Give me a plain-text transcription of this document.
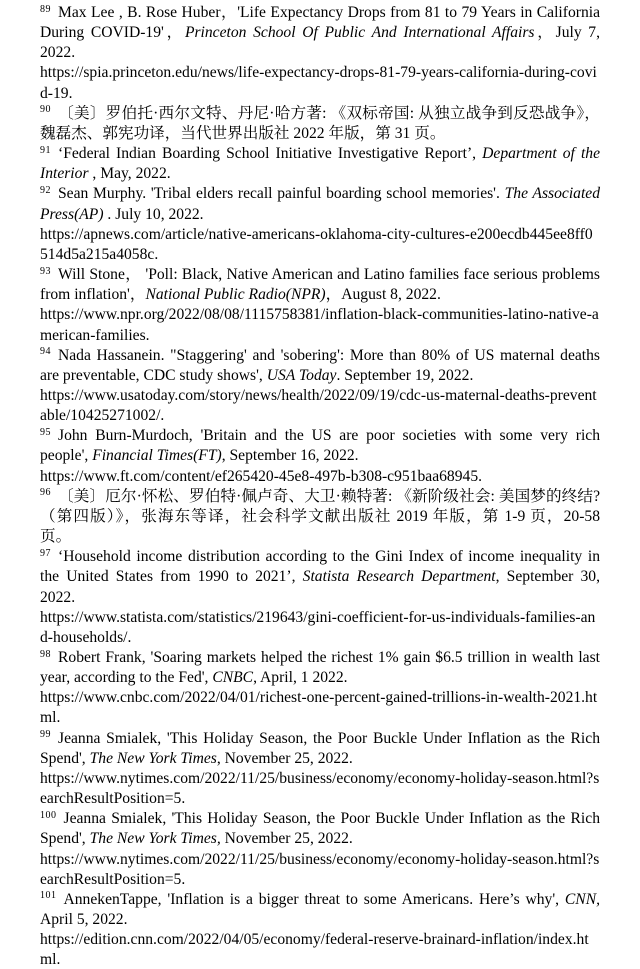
$^{89}$ Max Lee , B. Rose Huber，'Life Expectancy Drops from 81 to 79 Years in California During COVID-19'，Princeton School Of Public And International Affairs，July 7, 2022.
https://spia.princeton.edu/news/life-expectancy-drops-81-79-years-california-during-covid-19.
$^{90}$ 〔美〕罗伯托·西尔文特、丹尼·哈方著: 《双标帝国: 从独立战争到反恐战争》，魏磊杰、郭宪功译，当代世界出版社 2022 年版，第 31 页。
$^{91}$ ‘Federal Indian Boarding School Initiative Investigative Report’, Department of the Interior , May, 2022.
$^{92}$ Sean Murphy. 'Tribal elders recall painful boarding school memories'. The Associated Press(AP) . July 10, 2022.
https://apnews.com/article/native-americans-oklahoma-city-cultures-e200ecdb445ee8ff0514d5a215a4058c.
$^{93}$ Will Stone， 'Poll: Black, Native American and Latino families face serious problems from inflation'，National Public Radio(NPR)，August 8, 2022.
https://www.npr.org/2022/08/08/1115758381/inflation-black-communities-latino-native-american-families.
$^{94}$ Nada Hassanein. "Staggering' and 'sobering': More than 80% of US maternal deaths are preventable, CDC study shows', USA Today. September 19, 2022.
https://www.usatoday.com/story/news/health/2022/09/19/cdc-us-maternal-deaths-preventable/10425271002/.
$^{95}$ John Burn-Murdoch, 'Britain and the US are poor societies with some very rich people', Financial Times(FT), September 16, 2022.
https://www.ft.com/content/ef265420-45e8-497b-b308-c951baa68945.
$^{96}$ 〔美〕厄尔·怀松、罗伯特·佩卢奇、大卫·赖特著: 《新阶级社会: 美国梦的终结?（第四版）》，张海东等译，社会科学文献出版社 2019 年版，第 1-9 页，20-58 页。
$^{97}$ ‘Household income distribution according to the Gini Index of income inequality in the United States from 1990 to 2021’, Statista Research Department, September 30, 2022.
https://www.statista.com/statistics/219643/gini-coefficient-for-us-individuals-families-and-households/.
$^{98}$ Robert Frank, 'Soaring markets helped the richest 1% gain $6.5 trillion in wealth last year, according to the Fed', CNBC, April, 1 2022.
https://www.cnbc.com/2022/04/01/richest-one-percent-gained-trillions-in-wealth-2021.html.
$^{99}$ Jeanna Smialek, 'This Holiday Season, the Poor Buckle Under Inflation as the Rich Spend', The New York Times, November 25, 2022.
https://www.nytimes.com/2022/11/25/business/economy/economy-holiday-season.html?searchResultPosition=5.
$^{100}$ Jeanna Smialek, 'This Holiday Season, the Poor Buckle Under Inflation as the Rich Spend', The New York Times, November 25, 2022.
https://www.nytimes.com/2022/11/25/business/economy/economy-holiday-season.html?searchResultPosition=5.
$^{101}$ AnnekenTappe, 'Inflation is a bigger threat to some Americans. Here’s why', CNN, April 5, 2022.
https://edition.cnn.com/2022/04/05/economy/federal-reserve-brainard-inflation/index.html.
